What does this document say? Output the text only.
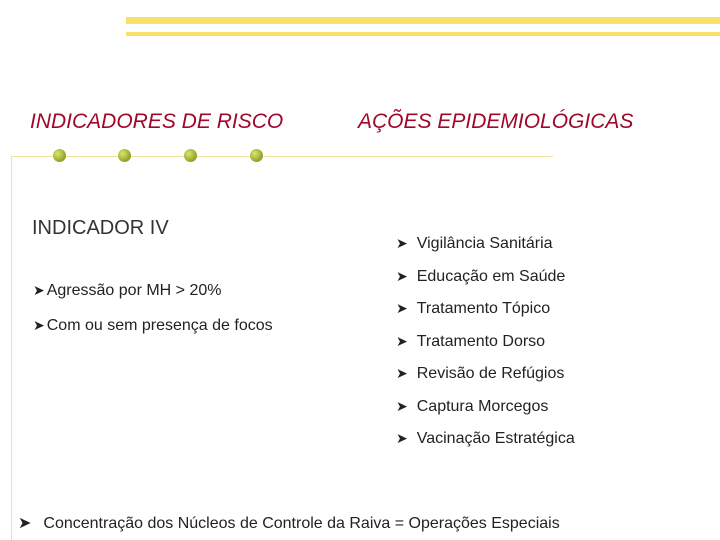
INDICADORES DE RISCO	AÇÕES EPIDEMIOLÓGICAS
INDICADOR IV
➤ Agressão por MH > 20%
➤ Com ou sem presença de focos
➤ Vigilância Sanitária
➤ Educação em Saúde
➤ Tratamento Tópico
➤ Tratamento Dorso
➤ Revisão de Refúgios
➤ Captura Morcegos
➤ Vacinação Estratégica
➤ Concentração dos Núcleos de Controle da Raiva = Operações Especiais
